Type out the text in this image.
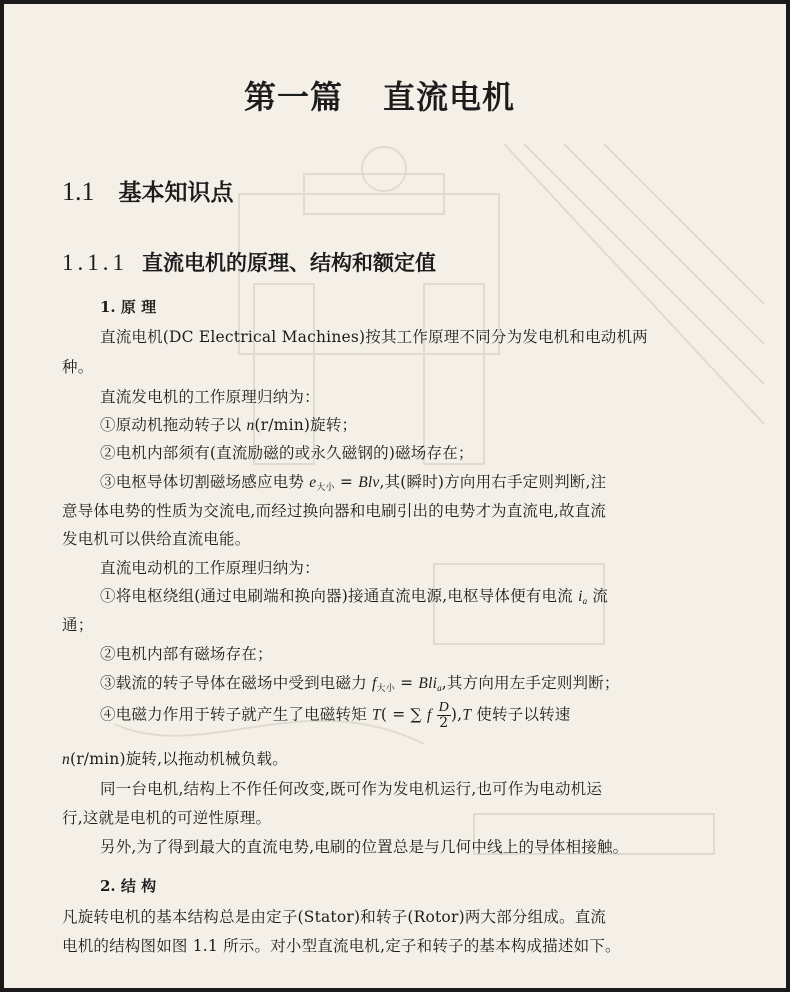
第一篇 直流电机
1.1 基本知识点
1.1.1 直流电机的原理、结构和额定值
1. 原 理
直流电机(DC Electrical Machines)按其工作原理不同分为发电机和电动机两
种。
直流发电机的工作原理归纳为：
①原动机拖动转子以 n(r/min)旋转；
②电机内部须有(直流励磁的或永久磁钢的)磁场存在；
③电枢导体切割磁场感应电势 $e_{大小}$ = Blv,其(瞬时)方向用右手定则判断,注
意导体电势的性质为交流电,而经过换向器和电刷引出的电势才为直流电,故直流
发电机可以供给直流电能。
直流电动机的工作原理归纳为：
①将电枢绕组(通过电刷端和换向器)接通直流电源,电枢导体便有电流 $i_a$ 流
通；
②电机内部有磁场存在；
③载流的转子导体在磁场中受到电磁力 $f_{大小} = Bli_a$,其方向用左手定则判断；
④电磁力作用于转子就产生了电磁转矩 T( = ∑ f $\frac{D}{2} ),T$ 使转子以转速
n(r/min)旋转,以拖动机械负载。
同一台电机,结构上不作任何改变,既可作为发电机运行,也可作为电动机运
行,这就是电机的可逆性原理。
另外,为了得到最大的直流电势,电刷的位置总是与几何中线上的导体相接触。
2. 结 构
凡旋转电机的基本结构总是由定子(Stator)和转子(Rotor)两大部分组成。直流
电机的结构图如图 1.1 所示。对小型直流电机,定子和转子的基本构成描述如下。
